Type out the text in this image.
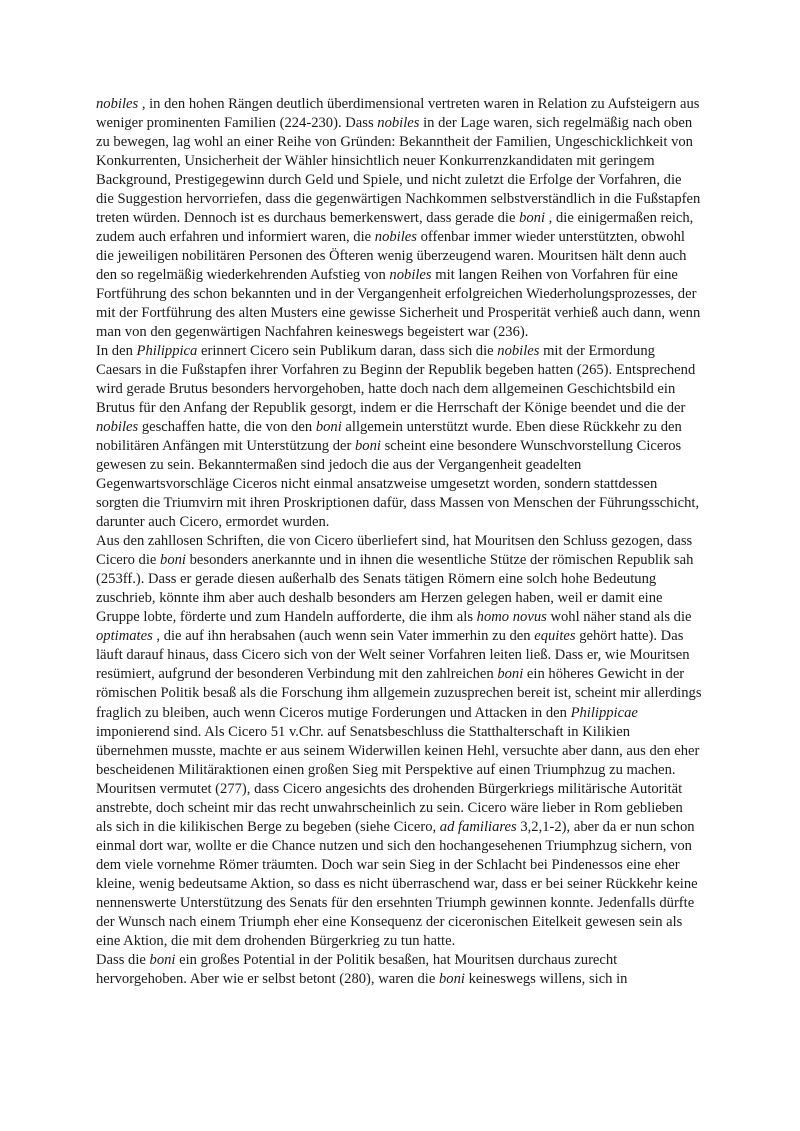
nobiles , in den hohen Rängen deutlich überdimensional vertreten waren in Relation zu Aufsteigern aus weniger prominenten Familien (224-230). Dass nobiles in der Lage waren, sich regelmäßig nach oben zu bewegen, lag wohl an einer Reihe von Gründen: Bekanntheit der Familien, Ungeschicklichkeit von Konkurrenten, Unsicherheit der Wähler hinsichtlich neuer Konkurrenzkandidaten mit geringem Background, Prestigegewinn durch Geld und Spiele, und nicht zuletzt die Erfolge der Vorfahren, die die Suggestion hervorriefen, dass die gegenwärtigen Nachkommen selbstverständlich in die Fußstapfen treten würden. Dennoch ist es durchaus bemerkenswert, dass gerade die boni , die einigermaßen reich, zudem auch erfahren und informiert waren, die nobiles offenbar immer wieder unterstützten, obwohl die jeweiligen nobilitären Personen des Öfteren wenig überzeugend waren. Mouritsen hält denn auch den so regelmäßig wiederkehrenden Aufstieg von nobiles mit langen Reihen von Vorfahren für eine Fortführung des schon bekannten und in der Vergangenheit erfolgreichen Wiederholungsprozesses, der mit der Fortführung des alten Musters eine gewisse Sicherheit und Prosperität verhieß auch dann, wenn man von den gegenwärtigen Nachfahren keineswegs begeistert war (236).

In den Philippica erinnert Cicero sein Publikum daran, dass sich die nobiles mit der Ermordung Caesars in die Fußstapfen ihrer Vorfahren zu Beginn der Republik begeben hatten (265). Entsprechend wird gerade Brutus besonders hervorgehoben, hatte doch nach dem allgemeinen Geschichtsbild ein Brutus für den Anfang der Republik gesorgt, indem er die Herrschaft der Könige beendet und die der nobiles geschaffen hatte, die von den boni allgemein unterstützt wurde. Eben diese Rückkehr zu den nobilitären Anfängen mit Unterstützung der boni scheint eine besondere Wunschvorstellung Ciceros gewesen zu sein. Bekanntermaßen sind jedoch die aus der Vergangenheit geadelten Gegenwartsvorschläge Ciceros nicht einmal ansatzweise umgesetzt worden, sondern stattdessen sorgten die Triumvirn mit ihren Proskriptionen dafür, dass Massen von Menschen der Führungsschicht, darunter auch Cicero, ermordet wurden.

Aus den zahllosen Schriften, die von Cicero überliefert sind, hat Mouritsen den Schluss gezogen, dass Cicero die boni besonders anerkannte und in ihnen die wesentliche Stütze der römischen Republik sah (253ff.). Dass er gerade diesen außerhalb des Senats tätigen Römern eine solch hohe Bedeutung zuschrieb, könnte ihm aber auch deshalb besonders am Herzen gelegen haben, weil er damit eine Gruppe lobte, förderte und zum Handeln aufforderte, die ihm als homo novus wohl näher stand als die optimates , die auf ihn herabsahen (auch wenn sein Vater immerhin zu den equites gehört hatte). Das läuft darauf hinaus, dass Cicero sich von der Welt seiner Vorfahren leiten ließ. Dass er, wie Mouritsen resümiert, aufgrund der besonderen Verbindung mit den zahlreichen boni ein höheres Gewicht in der römischen Politik besaß als die Forschung ihm allgemein zuzusprechen bereit ist, scheint mir allerdings fraglich zu bleiben, auch wenn Ciceros mutige Forderungen und Attacken in den Philippicae imponierend sind. Als Cicero 51 v.Chr. auf Senatsbeschluss die Statthalterschaft in Kilikien übernehmen musste, machte er aus seinem Widerwillen keinen Hehl, versuchte aber dann, aus den eher bescheidenen Militäraktionen einen großen Sieg mit Perspektive auf einen Triumphzug zu machen. Mouritsen vermutet (277), dass Cicero angesichts des drohenden Bürgerkriegs militärische Autorität anstrebte, doch scheint mir das recht unwahrscheinlich zu sein. Cicero wäre lieber in Rom geblieben als sich in die kilikischen Berge zu begeben (siehe Cicero, ad familiares 3,2,1-2), aber da er nun schon einmal dort war, wollte er die Chance nutzen und sich den hochangesehenen Triumphzug sichern, von dem viele vornehme Römer träumten. Doch war sein Sieg in der Schlacht bei Pindenessos eine eher kleine, wenig bedeutsame Aktion, so dass es nicht überraschend war, dass er bei seiner Rückkehr keine nennenswerte Unterstützung des Senats für den ersehnten Triumph gewinnen konnte. Jedenfalls dürfte der Wunsch nach einem Triumph eher eine Konsequenz der ciceronischen Eitelkeit gewesen sein als eine Aktion, die mit dem drohenden Bürgerkrieg zu tun hatte.

Dass die boni ein großes Potential in der Politik besaßen, hat Mouritsen durchaus zurecht hervorgehoben. Aber wie er selbst betont (280), waren die boni keineswegs willens, sich in
